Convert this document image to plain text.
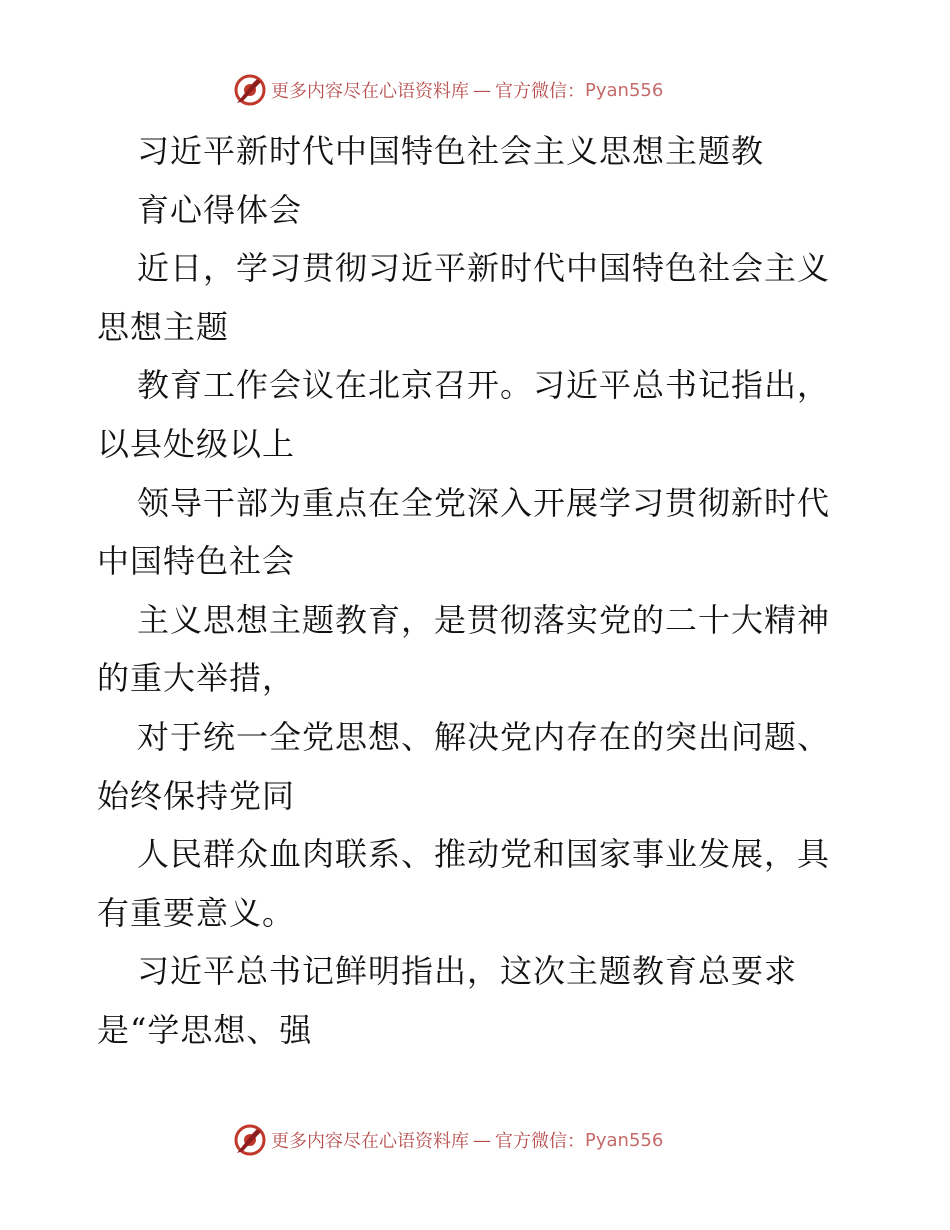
更多内容尽在心语资料库 — 官方微信： Pyan556
习近平新时代中国特色社会主义思想主题教
育心得体会
近日，学习贯彻习近平新时代中国特色社会主义
思想主题
教育工作会议在北京召开。习近平总书记指出，
以县处级以上
领导干部为重点在全党深入开展学习贯彻新时代
中国特色社会
主义思想主题教育，是贯彻落实党的二十大精神
的重大举措，
对于统一全党思想、解决党内存在的突出问题、
始终保持党同
人民群众血肉联系、推动党和国家事业发展，具
有重要意义。
习近平总书记鲜明指出，这次主题教育总要求
是“学思想、强
更多内容尽在心语资料库 — 官方微信： Pyan556
